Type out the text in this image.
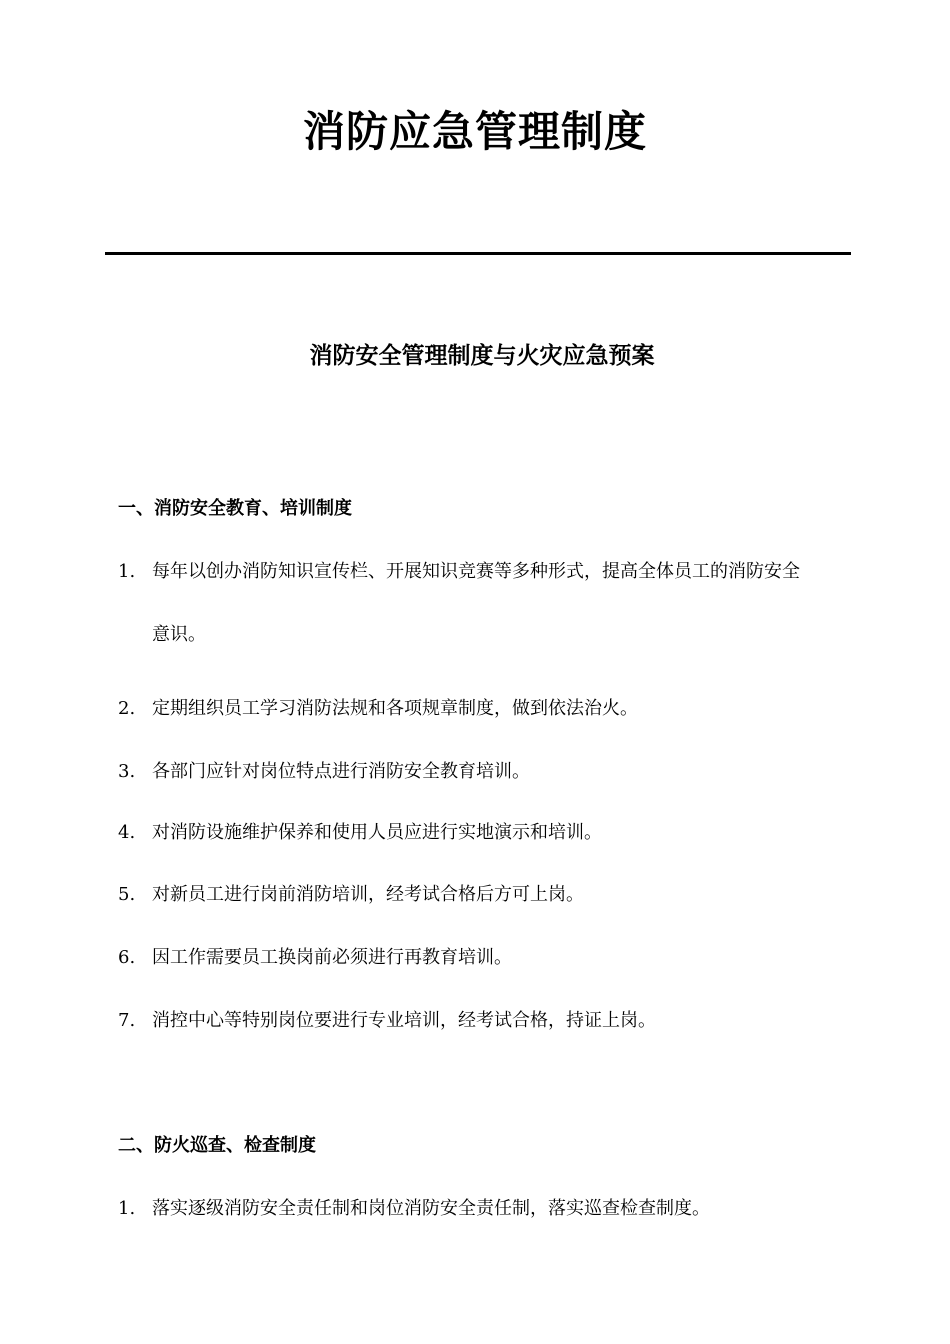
消防应急管理制度
消防安全管理制度与火灾应急预案
一、消防安全教育、培训制度
1. 每年以创办消防知识宣传栏、开展知识竞赛等多种形式，提高全体员工的消防安全
意识。
2. 定期组织员工学习消防法规和各项规章制度，做到依法治火。
3. 各部门应针对岗位特点进行消防安全教育培训。
4. 对消防设施维护保养和使用人员应进行实地演示和培训。
5. 对新员工进行岗前消防培训，经考试合格后方可上岗。
6. 因工作需要员工换岗前必须进行再教育培训。
7. 消控中心等特别岗位要进行专业培训，经考试合格，持证上岗。
二、防火巡查、检查制度
1. 落实逐级消防安全责任制和岗位消防安全责任制，落实巡查检查制度。
